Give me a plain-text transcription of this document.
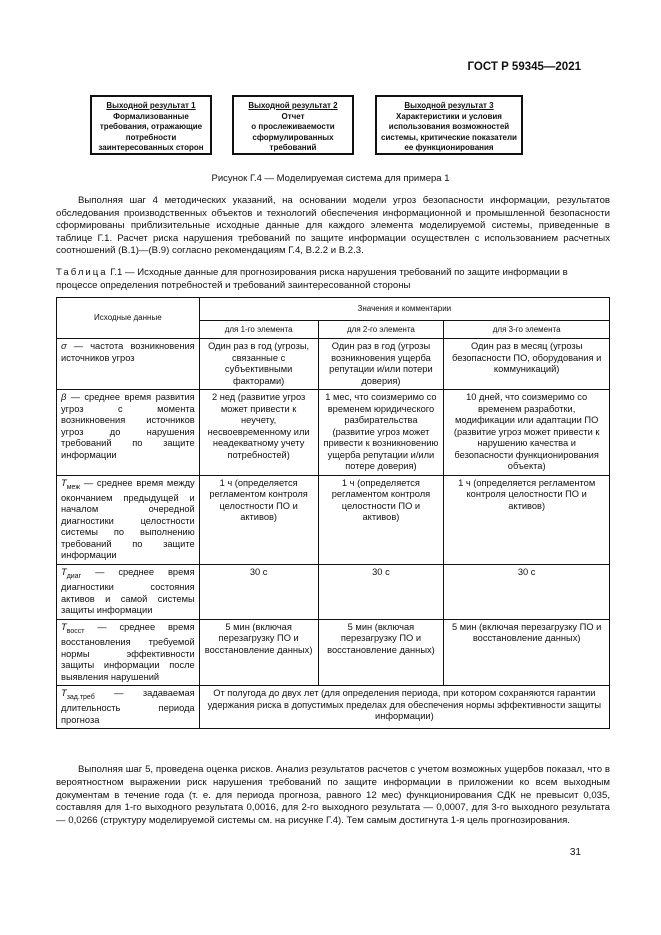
ГОСТ Р 59345—2021
Выходной результат 1
Формализованные требования, отражающие потребности заинтересованных сторон
Выходной результат 2
Отчет
о прослеживаемости сформулированных требований
Выходной результат 3
Характеристики и условия использования возможностей системы, критические показатели ее функционирования
Рисунок Г.4 — Моделируемая система для примера 1

Выполняя шаг 4 методических указаний, на основании модели угроз безопасности информации, результатов обследования производственных объектов и технологий обеспечения информационной и промышленной безопасности сформированы приблизительные исходные данные для каждого элемента моделируемой системы, приведенные в таблице Г.1. Расчет риска нарушения требований по защите информации осуществлен с использованием расчетных соотношений (В.1)—(В.9) согласно рекомендациям Г.4, В.2.2 и В.2.3.

Таблица Г.1 — Исходные данные для прогнозирования риска нарушения требований по защите информации в процессе определения потребностей и требований заинтересованной стороны

Исходные данные	Значения и комментарии		
	для 1-го элемента	для 2-го элемента	для 3-го элемента
σ — частота возникновения источников угроз	Один раз в год (угрозы, связанные с субъективными факторами)	Один раз в год (угрозы возникновения ущерба репутации и/или потери доверия)	Один раз в месяц (угрозы безопасности ПО, оборудования и коммуникаций)
β — среднее время развития угроз с момента возникновения источников угроз до нарушения требований по защите информации	2 нед (развитие угроз может привести к неучету, несвоевременному или неадекватному учету потребностей)	1 мес, что соизмеримо со временем юридического разбирательства (развитие угроз может привести к возникновению ущерба репутации и/или потере доверия)	10 дней, что соизмеримо со временем разработки, модификации или адаптации ПО (развитие угроз может привести к нарушению качества и безопасности функционирования объекта)
$T_{меж}$ — среднее время между окончанием предыдущей и началом очередной диагностики целостности системы по выполнению требований по защите информации	1 ч (определяется регламентом контроля целостности ПО и активов)	1 ч (определяется регламентом контроля целостности ПО и активов)	1 ч (определяется регламентом контроля целостности ПО и активов)
$T_{диаг}$ — среднее время диагностики состояния активов и самой системы защиты информации	30 с	30 с	30 с
$T_{восст}$ — среднее время восстановления требуемой нормы эффективности защиты информации после выявления нарушений	5 мин (включая перезагрузку ПО и восстановление данных)	5 мин (включая перезагрузку ПО и восстановление данных)	5 мин (включая перезагрузку ПО и восстановление данных)
$T_{зад.треб}$ — задаваемая длительность периода прогноза	От полугода до двух лет (для определения периода, при котором сохраняются гарантии удержания риска в допустимых пределах для обеспечения нормы эффективности защиты информации)		

Выполняя шаг 5, проведена оценка рисков. Анализ результатов расчетов с учетом возможных ущербов показал, что в вероятностном выражении риск нарушения требований по защите информации в приложении ко всем выходным документам в течение года (т. е. для периода прогноза, равного 12 мес) функционирования СДК не превысит 0,035, составляя для 1-го выходного результата 0,0016, для 2-го выходного результата — 0,0007, для 3-го выходного результата — 0,0266 (структуру моделируемой системы см. на рисунке Г.4). Тем самым достигнута 1-я цель прогнозирования.

31
